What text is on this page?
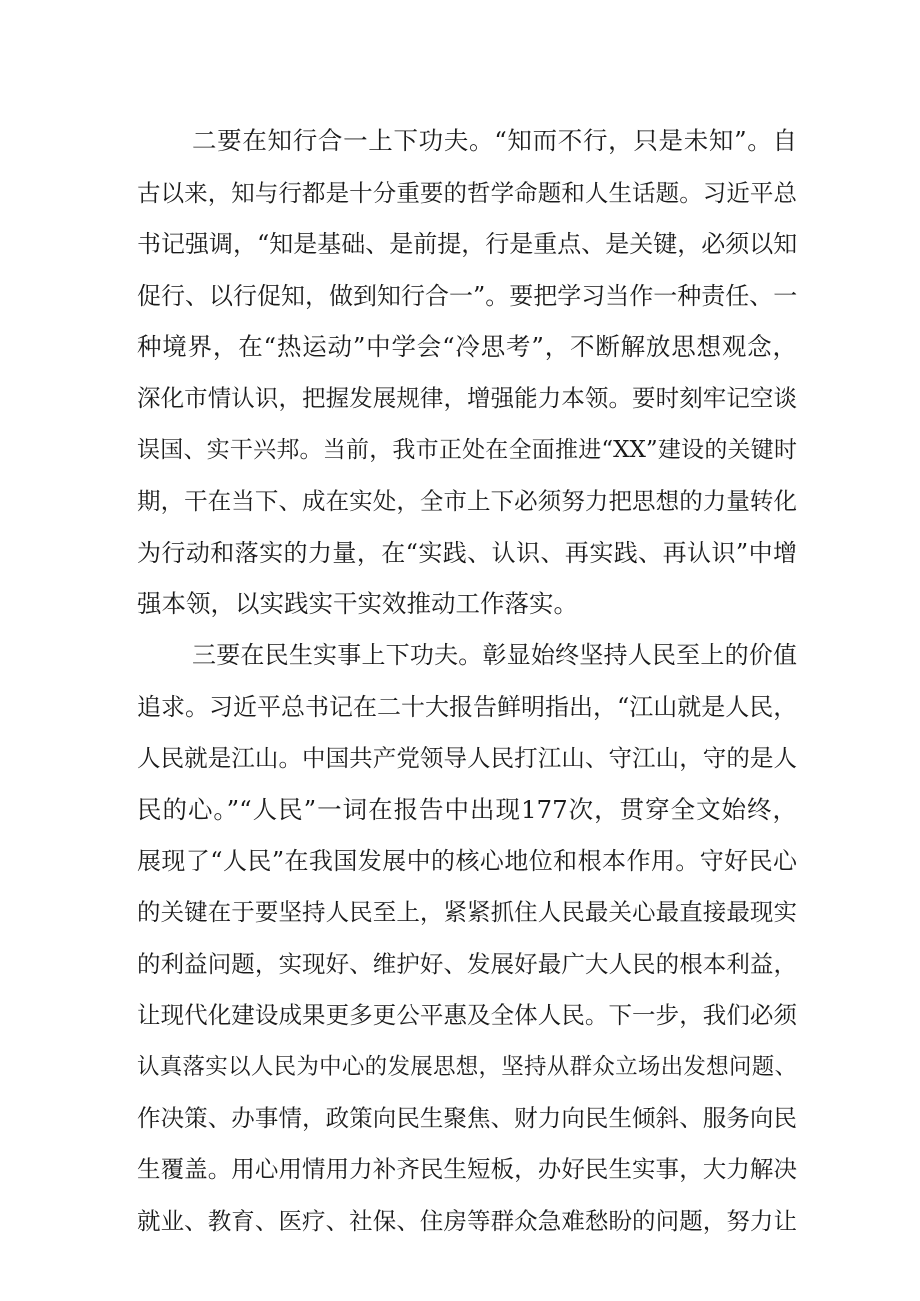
二要在知行合一上下功夫。“知而不行，只是未知”。自
古以来，知与行都是十分重要的哲学命题和人生话题。习近平总
书记强调，“知是基础、是前提，行是重点、是关键，必须以知
促行、以行促知，做到知行合一”。要把学习当作一种责任、一
种境界，在“热运动”中学会“冷思考”，不断解放思想观念，
深化市情认识，把握发展规律，增强能力本领。要时刻牢记空谈
误国、实干兴邦。当前，我市正处在全面推进“XX”建设的关键时
期，干在当下、成在实处，全市上下必须努力把思想的力量转化
为行动和落实的力量，在“实践、认识、再实践、再认识”中增
强本领，以实践实干实效推动工作落实。
三要在民生实事上下功夫。彰显始终坚持人民至上的价值
追求。习近平总书记在二十大报告鲜明指出，“江山就是人民，
人民就是江山。中国共产党领导人民打江山、守江山，守的是人
民的心。”“人民”一词在报告中出现177次，贯穿全文始终，
展现了“人民”在我国发展中的核心地位和根本作用。守好民心
的关键在于要坚持人民至上，紧紧抓住人民最关心最直接最现实
的利益问题，实现好、维护好、发展好最广大人民的根本利益，
让现代化建设成果更多更公平惠及全体人民。下一步，我们必须
认真落实以人民为中心的发展思想，坚持从群众立场出发想问题、
作决策、办事情，政策向民生聚焦、财力向民生倾斜、服务向民
生覆盖。用心用情用力补齐民生短板，办好民生实事，大力解决
就业、教育、医疗、社保、住房等群众急难愁盼的问题，努力让
